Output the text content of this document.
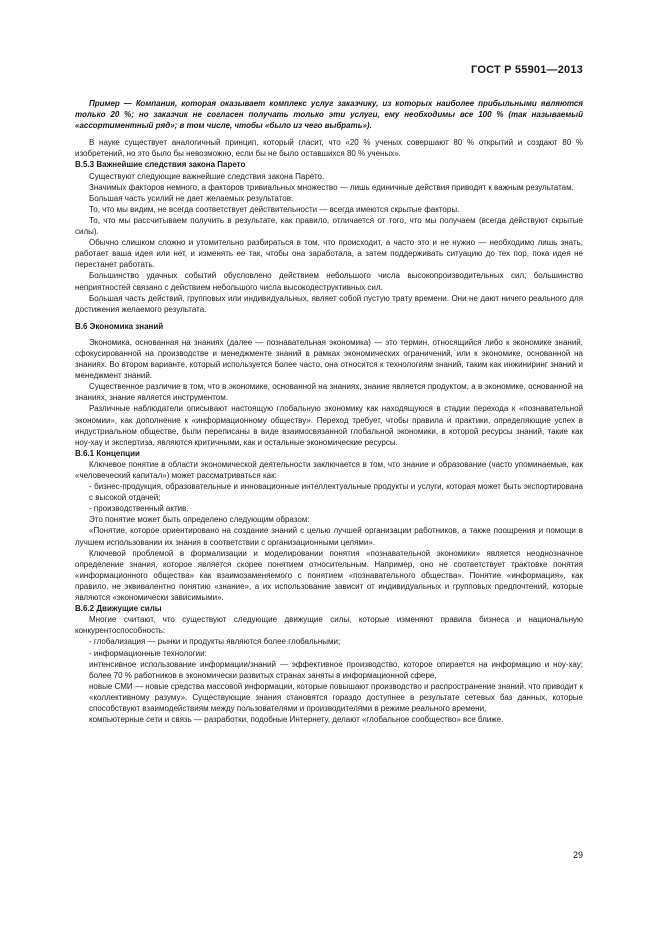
ГОСТ Р 55901—2013

Пример — Компания, которая оказывает комплекс услуг заказчику, из которых наиболее прибыльными являются только 20 %; но заказчик не согласен получать только эти услуги, ему необходимы все 100 % (так называемый «ассортиментный ряд»; в том числе, чтобы «было из чего выбрать»).

В науке существует аналогичный принцип, который гласит, что «20 % ученых совершают 80 % открытий и создают 80 % изобретений, но это было бы невозможно, если бы не было оставшихся 80 % ученых».

В.5.3 Важнейшие следствия закона Парето

Существуют следующие важнейшие следствия закона Парето.

Значимых факторов немного, а факторов тривиальных множество — лишь единичные действия приводят к важным результатам.

Большая часть усилий не дает желаемых результатов.

То, что мы видим, не всегда соответствует действительности — всегда имеются скрытые факторы.

То, что мы рассчитываем получить в результате, как правило, отличается от того, что мы получаем (всегда действуют скрытые силы).

Обычно слишком сложно и утомительно разбираться в том, что происходит, а часто это и не нужно — необходимо лишь знать, работает ваша идея или нет, и изменять ее так, чтобы она заработала, а затем поддерживать ситуацию до тех пор, пока идея не перестанет работать.

Большинство удачных событий обусловлено действием небольшого числа высокопроизводительных сил; большинство неприятностей связано с действием небольшого числа высокодеструктивных сил.

Большая часть действий, групповых или индивидуальных, являет собой пустую трату времени. Они не дают ничего реального для достижения желаемого результата.

В.6 Экономика знаний

Экономика, основанная на знаниях (далее — познавательная экономика) — это термин, относящийся либо к экономике знаний, сфокусированной на производстве и менеджменте знаний в рамках экономических ограничений, или к экономике, основанной на знаниях. Во втором варианте, который используется более часто, она относится к технологиям знаний, таким как инжиниринг знаний и менеджмент знаний.

Существенное различие в том, что в экономике, основанной на знаниях, знание является продуктом, а в экономике, основанной на знаниях, знание является инструментом.

Различные наблюдатели описывают настоящую глобальную экономику как находящуюся в стадии перехода к «познавательной экономии», как дополнение к «информационному обществу». Переход требует, чтобы правила и практики, определяющие успех в индустриальном обществе, были переписаны в виде взаимосвязанной глобальной экономики, в которой ресурсы знаний, такие как ноу-хау и экспертиза, являются критичными, как и остальные экономические ресурсы.

В.6.1 Концепции

Ключевое понятие в области экономической деятельности заключается в том, что знание и образование (часто упоминаемые, как «человеческий капитал») может рассматриваться как:

- бизнес-продукция, образовательные и инновационные интеллектуальные продукты и услуги, которая может быть экспортирована с высокой отдачей;

- производственный актив.

Это понятие может быть определено следующим образом:

«Понятие, которое ориентировано на создание знаний с целью лучшей организации работников, а также поощрения и помощи в лучшем использовании их знания в соответствии с организационными целями».

Ключевой проблемой в формализации и моделировании понятия «познавательной экономики» является неоднозначное определение знания, которое является скорее понятием относительным. Например, оно не соответствует трактовке понятия «информационного общества» как взаимозаменяемого с понятием «познавательного общества». Понятие «информация», как правило, не эквивалентно понятию «знание», а их использование зависит от индивидуальных и групповых предпочтений, которые являются «экономически зависимыми».

В.6.2 Движущие силы

Многие считают, что существуют следующие движущие силы, которые изменяют правила бизнеса и национальную конкурентоспособность:

- глобализация — рынки и продукты являются более глобальными;

- информационные технологии:

интенсивное использование информации/знаний — эффективное производство, которое опирается на информацию и ноу-хау; более 70 % работников в экономически развитых странах заняты в информационной сфере,

новые СМИ — новые средства массовой информации, которые повышают производство и распространение знаний, что приводит к «коллективному разуму». Существующие знания становятся гораздо доступнее в результате сетевых баз данных, которые способствуют взаимодействиям между пользователями и производителями в режиме реального времени,

компьютерные сети и связь — разработки, подобные Интернету, делают «глобальное сообщество» все ближе.

29
